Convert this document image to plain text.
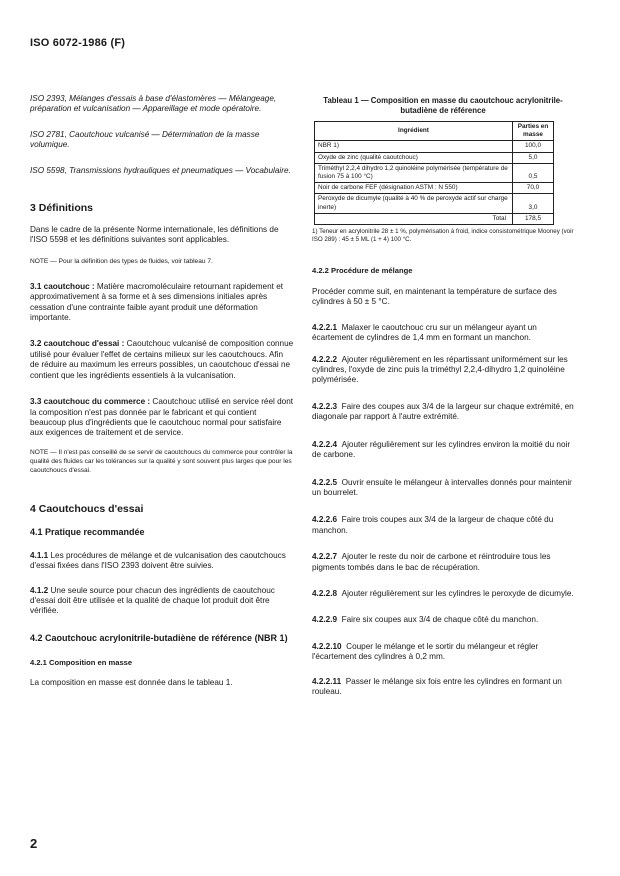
ISO 6072-1986 (F)

ISO 2393, Mélanges d'essais à base d'élastomères — Mélangeage, préparation et vulcanisation — Appareillage et mode opératoire.

ISO 2781, Caoutchouc vulcanisé — Détermination de la masse volumique.

ISO 5598, Transmissions hydrauliques et pneumatiques — Vocabulaire.

3 Définitions

Dans le cadre de la présente Norme internationale, les définitions de l'ISO 5598 et les définitions suivantes sont applicables.

NOTE — Pour la définition des types de fluides, voir tableau 7.

3.1 caoutchouc : Matière macromoléculaire retournant rapidement et approximativement à sa forme et à ses dimensions initiales après cessation d'une contrainte faible ayant produit une déformation importante.

3.2 caoutchouc d'essai : Caoutchouc vulcanisé de composition connue utilisé pour évaluer l'effet de certains milieux sur les caoutchoucs. Afin de réduire au maximum les erreurs possibles, un caoutchouc d'essai ne contient que les ingrédients essentiels à la vulcanisation.

3.3 caoutchouc du commerce : Caoutchouc utilisé en service réel dont la composition n'est pas donnée par le fabricant et qui contient beaucoup plus d'ingrédients que le caoutchouc normal pour satisfaire aux exigences de traitement et de service.

NOTE — Il n'est pas conseillé de se servir de caoutchoucs du commerce pour contrôler la qualité des fluides car les tolérances sur la qualité y sont souvent plus larges que pour les caoutchoucs d'essai.

4 Caoutchoucs d'essai
4.1 Pratique recommandée

4.1.1 Les procédures de mélange et de vulcanisation des caoutchoucs d'essai fixées dans l'ISO 2393 doivent être suivies.

4.1.2 Une seule source pour chacun des ingrédients de caoutchouc d'essai doit être utilisée et la qualité de chaque lot produit doit être vérifiée.

4.2 Caoutchouc acrylonitrile-butadiène de référence (NBR 1)
4.2.1 Composition en masse

La composition en masse est donnée dans le tableau 1.

Tableau 1 — Composition en masse du caoutchouc acrylonitrile-butadiène de référence
Ingrédient	Parties en masse
NBR 1)	100,0
Oxyde de zinc (qualité caoutchouc)	5,0
Triméthyl 2,2,4 dihydro 1,2 quinoléine polymérisée (température de fusion 75 à 100 °C)	0,5
Noir de carbone FEF (désignation ASTM : N 550)	70,0
Peroxyde de dicumyle (qualité à 40 % de peroxyde actif sur charge inerte)	3,0
Total	178,5
1) Teneur en acrylonitrile 28 ± 1 %, polymérisation à froid, indice consistométrique Mooney (voir ISO 289) : 45 ± 5 ML (1 + 4) 100 °C.
4.2.2 Procédure de mélange

Procéder comme suit, en maintenant la température de surface des cylindres à 50 ± 5 °C.

4.2.2.1 Malaxer le caoutchouc cru sur un mélangeur ayant un écartement de cylindres de 1,4 mm en formant un manchon.

4.2.2.2 Ajouter régulièrement en les répartissant uniformément sur les cylindres, l'oxyde de zinc puis la triméthyl 2,2,4-dihydro 1,2 quinoléine polymérisée.

4.2.2.3 Faire des coupes aux 3/4 de la largeur sur chaque extrémité, en diagonale par rapport à l'autre extrémité.

4.2.2.4 Ajouter régulièrement sur les cylindres environ la moitié du noir de carbone.

4.2.2.5 Ouvrir ensuite le mélangeur à intervalles donnés pour maintenir un bourrelet.

4.2.2.6 Faire trois coupes aux 3/4 de la largeur de chaque côté du manchon.

4.2.2.7 Ajouter le reste du noir de carbone et réintroduire tous les pigments tombés dans le bac de récupération.

4.2.2.8 Ajouter régulièrement sur les cylindres le peroxyde de dicumyle.

4.2.2.9 Faire six coupes aux 3/4 de chaque côté du manchon.

4.2.2.10 Couper le mélange et le sortir du mélangeur et régler l'écartement des cylindres à 0,2 mm.

4.2.2.11 Passer le mélange six fois entre les cylindres en formant un rouleau.

2
